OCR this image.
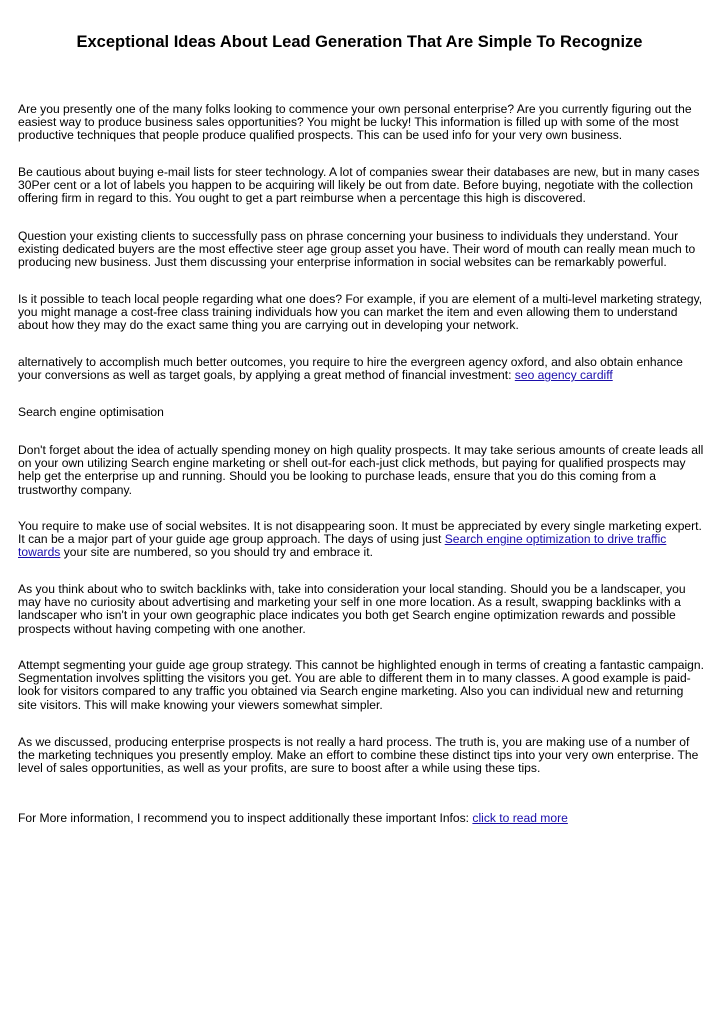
Exceptional Ideas About Lead Generation That Are Simple To Recognize

Are you presently one of the many folks looking to commence your own personal enterprise? Are you currently figuring out the easiest way to produce business sales opportunities? You might be lucky! This information is filled up with some of the most productive techniques that people produce qualified prospects. This can be used info for your very own business.

Be cautious about buying e-mail lists for steer technology. A lot of companies swear their databases are new, but in many cases 30Per cent or a lot of labels you happen to be acquiring will likely be out from date. Before buying, negotiate with the collection offering firm in regard to this. You ought to get a part reimburse when a percentage this high is discovered.

Question your existing clients to successfully pass on phrase concerning your business to individuals they understand. Your existing dedicated buyers are the most effective steer age group asset you have. Their word of mouth can really mean much to producing new business. Just them discussing your enterprise information in social websites can be remarkably powerful.

Is it possible to teach local people regarding what one does? For example, if you are element of a multi-level marketing strategy, you might manage a cost-free class training individuals how you can market the item and even allowing them to understand about how they may do the exact same thing you are carrying out in developing your network.

alternatively to accomplish much better outcomes, you require to hire the evergreen agency oxford, and also obtain enhance your conversions as well as target goals, by applying a great method of financial investment: seo agency cardiff

Search engine optimisation

Don't forget about the idea of actually spending money on high quality prospects. It may take serious amounts of create leads all on your own utilizing Search engine marketing or shell out-for each-just click methods, but paying for qualified prospects may help get the enterprise up and running. Should you be looking to purchase leads, ensure that you do this coming from a trustworthy company.

You require to make use of social websites. It is not disappearing soon. It must be appreciated by every single marketing expert. It can be a major part of your guide age group approach. The days of using just Search engine optimization to drive traffic towards your site are numbered, so you should try and embrace it.

As you think about who to switch backlinks with, take into consideration your local standing. Should you be a landscaper, you may have no curiosity about advertising and marketing your self in one more location. As a result, swapping backlinks with a landscaper who isn't in your own geographic place indicates you both get Search engine optimization rewards and possible prospects without having competing with one another.

Attempt segmenting your guide age group strategy. This cannot be highlighted enough in terms of creating a fantastic campaign. Segmentation involves splitting the visitors you get. You are able to different them in to many classes. A good example is paid-look for visitors compared to any traffic you obtained via Search engine marketing. Also you can individual new and returning site visitors. This will make knowing your viewers somewhat simpler.

As we discussed, producing enterprise prospects is not really a hard process. The truth is, you are making use of a number of the marketing techniques you presently employ. Make an effort to combine these distinct tips into your very own enterprise. The level of sales opportunities, as well as your profits, are sure to boost after a while using these tips.

For More information, I recommend you to inspect additionally these important Infos: click to read more
